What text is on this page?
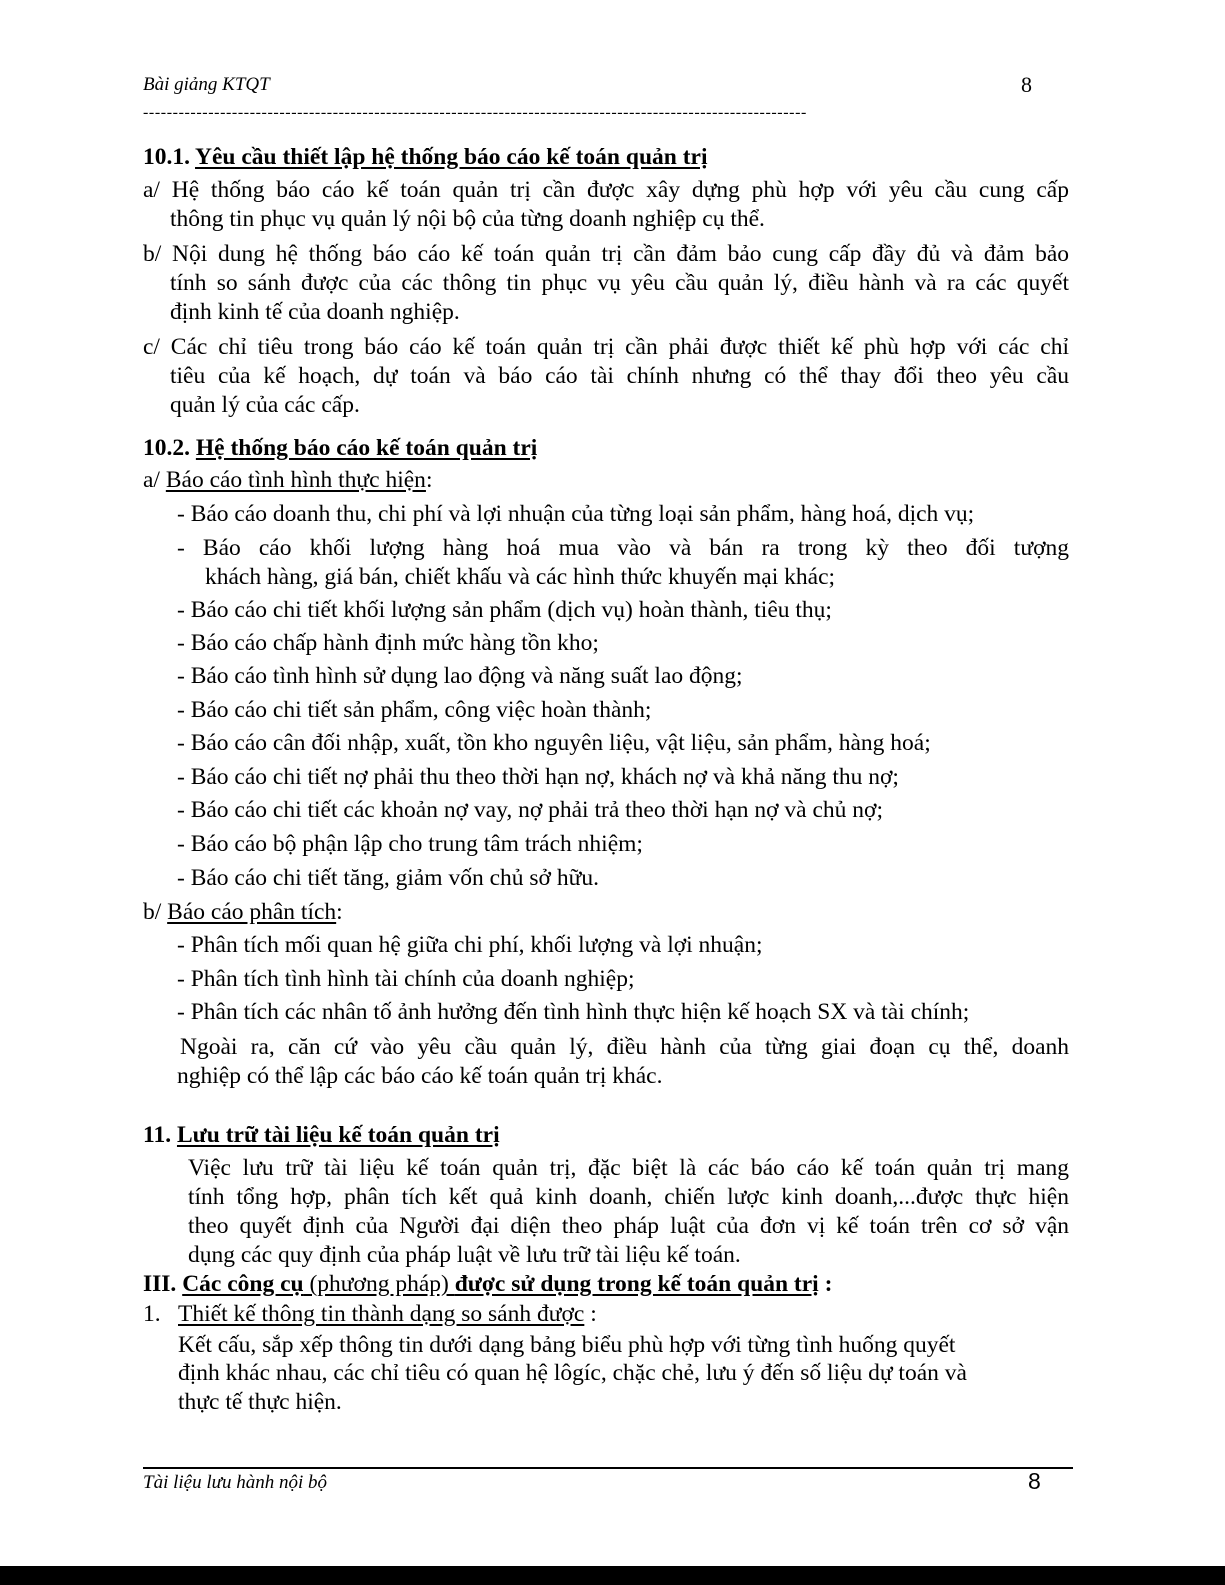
Bài giảng KTQT	8
----------------------------------------------------------------------------------------------------------------
10.1. Yêu cầu thiết lập hệ thống báo cáo kế toán quản trị
a/ Hệ thống báo cáo kế toán quản trị cần được xây dựng phù hợp với yêu cầu cung cấp
thông tin phục vụ quản lý nội bộ của từng doanh nghiệp cụ thể.
b/ Nội dung hệ thống báo cáo kế toán quản trị cần đảm bảo cung cấp đầy đủ và đảm bảo
tính so sánh được của các thông tin phục vụ yêu cầu quản lý, điều hành và ra các quyết
định kinh tế của doanh nghiệp.
c/ Các chỉ tiêu trong báo cáo kế toán quản trị cần phải được thiết kế phù hợp với các chỉ
tiêu của kế hoạch, dự toán và báo cáo tài chính nhưng có thể thay đổi theo yêu cầu
quản lý của các cấp.
10.2. Hệ thống báo cáo kế toán quản trị
a/ Báo cáo tình hình thực hiện:
- Báo cáo doanh thu, chi phí và lợi nhuận của từng loại sản phẩm, hàng hoá, dịch vụ;
- Báo cáo khối lượng hàng hoá mua vào và bán ra trong kỳ theo đối tượng
khách hàng, giá bán, chiết khấu và các hình thức khuyến mại khác;
- Báo cáo chi tiết khối lượng sản phẩm (dịch vụ) hoàn thành, tiêu thụ;
- Báo cáo chấp hành định mức hàng tồn kho;
- Báo cáo tình hình sử dụng lao động và năng suất lao động;
- Báo cáo chi tiết sản phẩm, công việc hoàn thành;
- Báo cáo cân đối nhập, xuất, tồn kho nguyên liệu, vật liệu, sản phẩm, hàng hoá;
- Báo cáo chi tiết nợ phải thu theo thời hạn nợ, khách nợ và khả năng thu nợ;
- Báo cáo chi tiết các khoản nợ vay, nợ phải trả theo thời hạn nợ và chủ nợ;
- Báo cáo bộ phận lập cho trung tâm trách nhiệm;
- Báo cáo chi tiết tăng, giảm vốn chủ sở hữu.
b/ Báo cáo phân tích:
- Phân tích mối quan hệ giữa chi phí, khối lượng và lợi nhuận;
- Phân tích tình hình tài chính của doanh nghiệp;
- Phân tích các nhân tố ảnh hưởng đến tình hình thực hiện kế hoạch SX và tài chính;
Ngoài ra, căn cứ vào yêu cầu quản lý, điều hành của từng giai đoạn cụ thể, doanh
nghiệp có thể lập các báo cáo kế toán quản trị khác.
11. Lưu trữ tài liệu kế toán quản trị
Việc lưu trữ tài liệu kế toán quản trị, đặc biệt là các báo cáo kế toán quản trị mang
tính tổng hợp, phân tích kết quả kinh doanh, chiến lược kinh doanh,...được thực hiện
theo quyết định của Người đại diện theo pháp luật của đơn vị kế toán trên cơ sở vận
dụng các quy định của pháp luật về lưu trữ tài liệu kế toán.
III. Các công cụ (phương pháp) được sử dụng trong kế toán quản trị :
1. Thiết kế thông tin thành dạng so sánh được :
Kết cấu, sắp xếp thông tin dưới dạng bảng biểu phù hợp với từng tình huống quyết
định khác nhau, các chỉ tiêu có quan hệ lôgíc, chặc chẻ, lưu ý đến số liệu dự toán và
thực tế thực hiện.
Tài liệu lưu hành nội bộ	8
